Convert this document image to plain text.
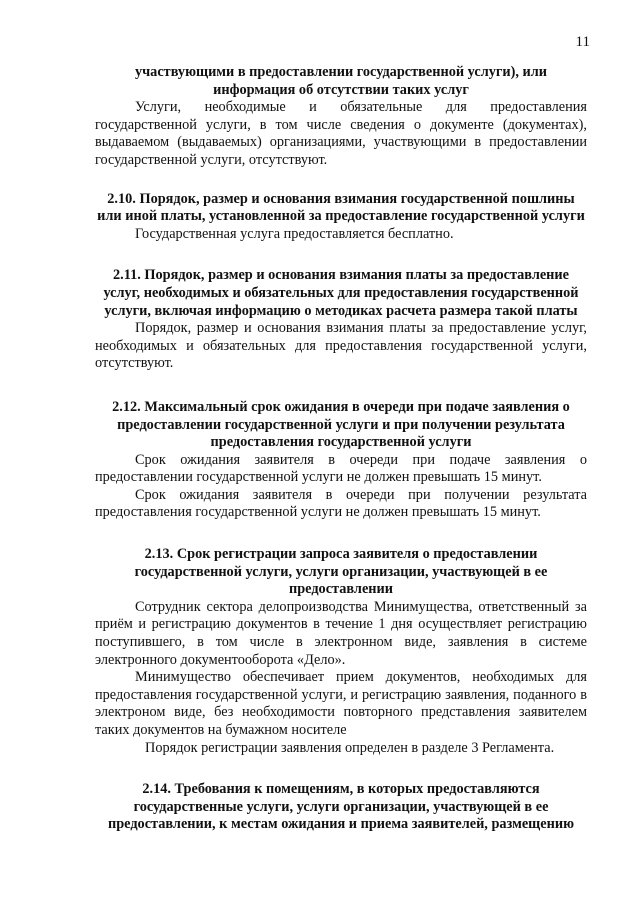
11

участвующими в предоставлении государственной услуги), или информация об отсутствии таких услуг

Услуги, необходимые и обязательные для предоставления государственной услуги, в том числе сведения о документе (документах), выдаваемом (выдаваемых) организациями, участвующими в предоставлении государственной услуги, отсутствуют.

2.10. Порядок, размер и основания взимания государственной пошлины или иной платы, установленной за предоставление государственной услуги

Государственная услуга предоставляется бесплатно.

2.11. Порядок, размер и основания взимания платы за предоставление услуг, необходимых и обязательных для предоставления государственной услуги, включая информацию о методиках расчета размера такой платы

Порядок, размер и основания взимания платы за предоставление услуг, необходимых и обязательных для предоставления государственной услуги, отсутствуют.

2.12. Максимальный срок ожидания в очереди при подаче заявления о предоставлении государственной услуги и при получении результата предоставления государственной услуги

Срок ожидания заявителя в очереди при подаче заявления о предоставлении государственной услуги не должен превышать 15 минут.

Срок ожидания заявителя в очереди при получении результата предоставления государственной услуги не должен превышать 15 минут.

2.13. Срок регистрации запроса заявителя о предоставлении государственной услуги, услуги организации, участвующей в ее предоставлении

Сотрудник сектора делопроизводства Минимущества, ответственный за приём и регистрацию документов в течение 1 дня осуществляет регистрацию поступившего, в том числе в электронном виде, заявления в системе электронного документооборота «Дело».

Минимущество обеспечивает прием документов, необходимых для предоставления государственной услуги, и регистрацию заявления, поданного в электроном виде, без необходимости повторного представления заявителем таких документов на бумажном носителе

Порядок регистрации заявления определен в разделе 3 Регламента.

2.14. Требования к помещениям, в которых предоставляются государственные услуги, услуги организации, участвующей в ее предоставлении, к местам ожидания и приема заявителей, размещению
